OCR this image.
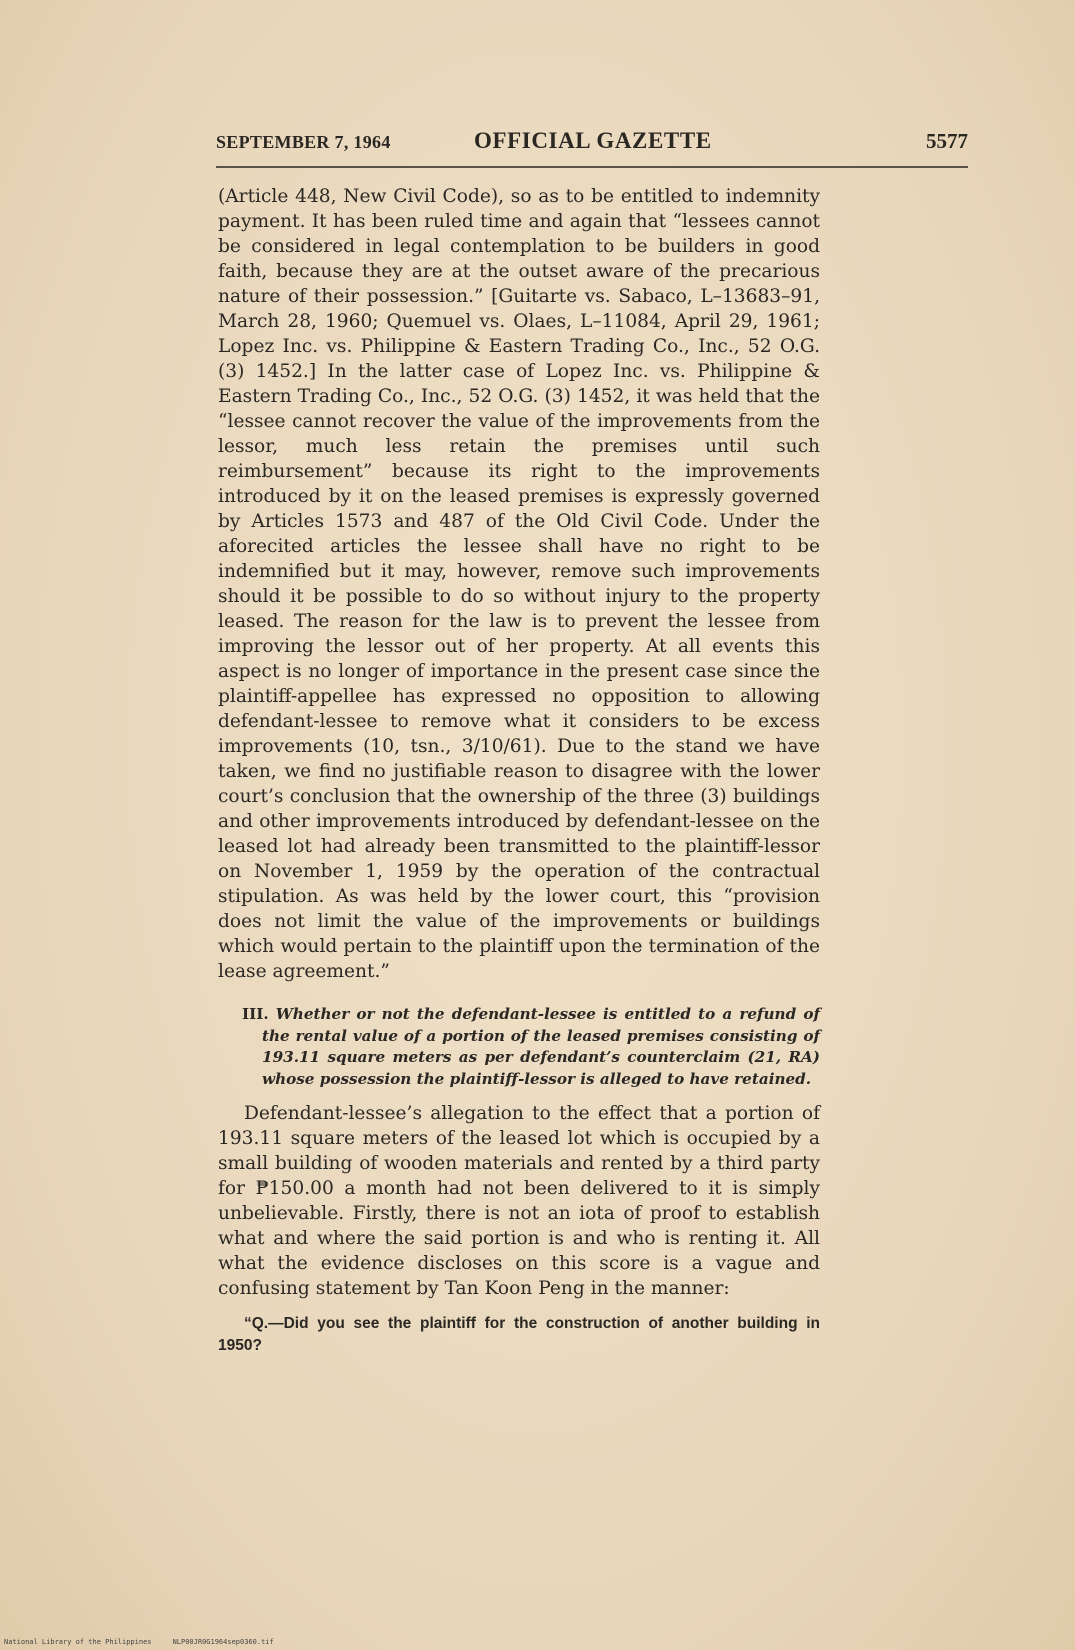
SEPTEMBER 7, 1964	OFFICIAL GAZETTE	5577

(Article 448, New Civil Code), so as to be entitled to indemnity payment. It has been ruled time and again that “lessees cannot be considered in legal contemplation to be builders in good faith, because they are at the outset aware of the precarious nature of their possession.” [Guitarte vs. Sabaco, L–13683–91, March 28, 1960; Quemuel vs. Olaes, L–11084, April 29, 1961; Lopez Inc. vs. Philippine & Eastern Trading Co., Inc., 52 O.G. (3) 1452.] In the latter case of Lopez Inc. vs. Philippine & Eastern Trading Co., Inc., 52 O.G. (3) 1452, it was held that the “lessee cannot recover the value of the improvements from the lessor, much less retain the premises until such reimbursement” because its right to the improvements introduced by it on the leased premises is expressly governed by Articles 1573 and 487 of the Old Civil Code. Under the aforecited articles the lessee shall have no right to be indemnified but it may, however, remove such improvements should it be possible to do so without injury to the property leased. The reason for the law is to prevent the lessee from improving the lessor out of her property. At all events this aspect is no longer of importance in the present case since the plaintiff-appellee has expressed no opposition to allowing defendant-lessee to remove what it considers to be excess improvements (10, tsn., 3/10/61). Due to the stand we have taken, we find no justifiable reason to disagree with the lower court’s conclusion that the ownership of the three (3) buildings and other improvements introduced by defendant-lessee on the leased lot had already been transmitted to the plaintiff-lessor on November 1, 1959 by the operation of the contractual stipulation. As was held by the lower court, this “provision does not limit the value of the improvements or buildings which would pertain to the plaintiff upon the termination of the lease agreement.”

III. Whether or not the defendant-lessee is entitled to a refund of the rental value of a portion of the leased premises consisting of 193.11 square meters as per defendant’s counterclaim (21, RA) whose possession the plaintiff-lessor is alleged to have retained.

Defendant-lessee’s allegation to the effect that a portion of 193.11 square meters of the leased lot which is occupied by a small building of wooden materials and rented by a third party for ₱150.00 a month had not been delivered to it is simply unbelievable. Firstly, there is not an iota of proof to establish what and where the said portion is and who is renting it. All what the evidence discloses on this score is a vague and confusing statement by Tan Koon Peng in the manner:

“Q.—Did you see the plaintiff for the construction of another building in 1950?

National Library of the Philippines     NLP00JR0G1964sep0360.tif
